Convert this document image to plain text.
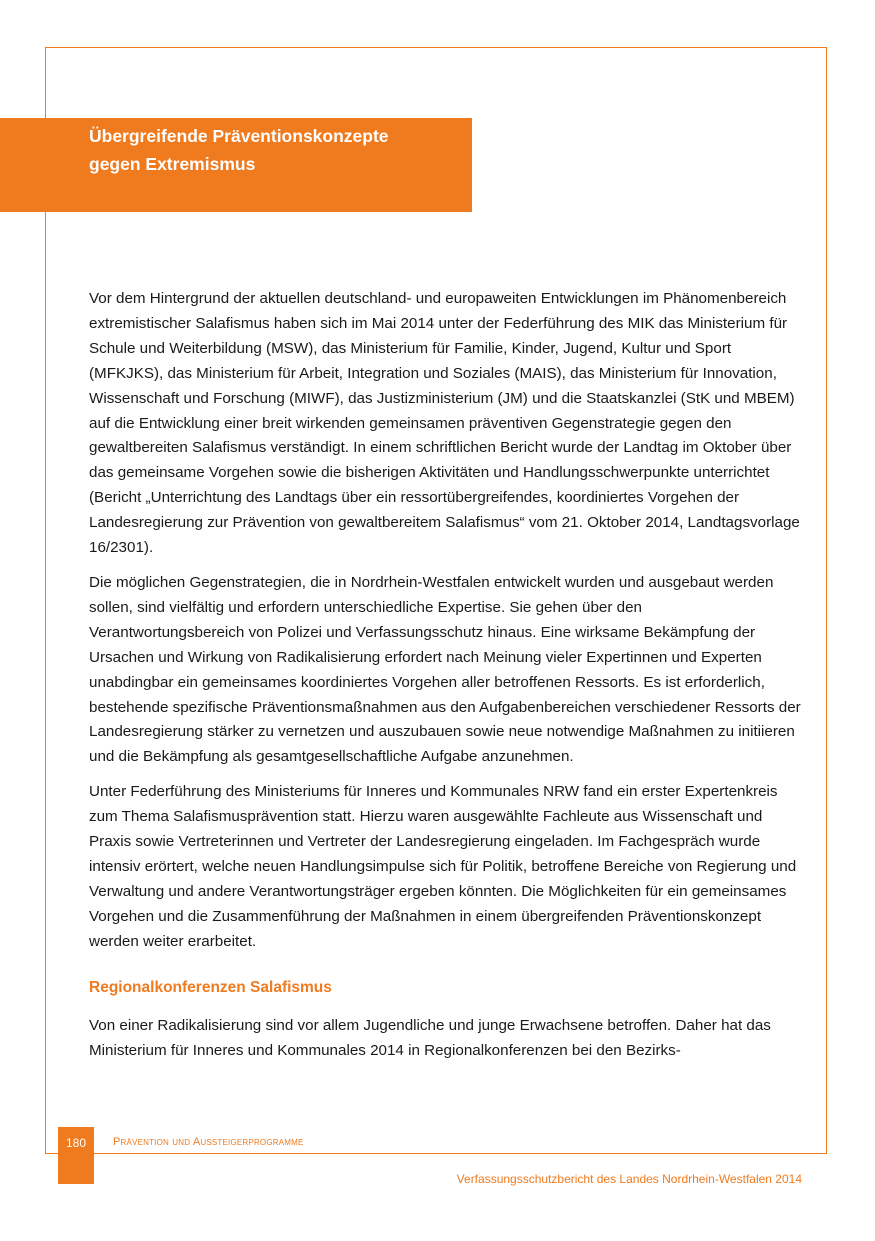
Übergreifende Präventionskonzepte
gegen Extremismus

Vor dem Hintergrund der aktuellen deutschland- und europaweiten Entwicklungen im Phänomenbereich extremistischer Salafismus haben sich im Mai 2014 unter der Federführung des MIK das Ministerium für Schule und Weiterbildung (MSW), das Ministerium für Familie, Kinder, Jugend, Kultur und Sport (MFKJKS), das Ministerium für Arbeit, Integration und Soziales (MAIS), das Ministerium für Innovation, Wissenschaft und Forschung (MIWF), das Justizministerium (JM) und die Staatskanzlei (StK und MBEM) auf die Entwicklung einer breit wirkenden gemeinsamen präventiven Gegenstrategie gegen den gewaltbereiten Salafismus verständigt. In einem schriftlichen Bericht wurde der Landtag im Oktober über das gemeinsame Vorgehen sowie die bisherigen Aktivitäten und Handlungsschwerpunkte unterrichtet (Bericht „Unterrichtung des Landtags über ein ressortübergreifendes, koordiniertes Vorgehen der Landesregierung zur Prävention von gewaltbereitem Salafismus“ vom 21. Oktober 2014, Landtagsvorlage 16/2301).

Die möglichen Gegenstrategien, die in Nordrhein-Westfalen entwickelt wurden und ausgebaut werden sollen, sind vielfältig und erfordern unterschiedliche Expertise. Sie gehen über den Verantwortungsbereich von Polizei und Verfassungsschutz hinaus. Eine wirksame Bekämpfung der Ursachen und Wirkung von Radikalisierung erfordert nach Meinung vieler Expertinnen und Experten unabdingbar ein gemeinsames koordiniertes Vorgehen aller betroffenen Ressorts. Es ist erforderlich, bestehende spezifische Präventionsmaßnahmen aus den Aufgabenbereichen verschiedener Ressorts der Landesregierung stärker zu vernetzen und auszubauen sowie neue notwendige Maßnahmen zu initiieren und die Bekämpfung als gesamtgesellschaftliche Aufgabe anzunehmen.

Unter Federführung des Ministeriums für Inneres und Kommunales NRW fand ein erster Expertenkreis zum Thema Salafismusprävention statt. Hierzu waren ausgewählte Fachleute aus Wissenschaft und Praxis sowie Vertreterinnen und Vertreter der Landesregierung eingeladen. Im Fachgespräch wurde intensiv erörtert, welche neuen Handlungsimpulse sich für Politik, betroffene Bereiche von Regierung und Verwaltung und andere Verantwortungsträger ergeben könnten. Die Möglichkeiten für ein gemeinsames Vorgehen und die Zusammenführung der Maßnahmen in einem übergreifenden Präventionskonzept werden weiter erarbeitet.

Regionalkonferenzen Salafismus

Von einer Radikalisierung sind vor allem Jugendliche und junge Erwachsene betroffen. Daher hat das Ministerium für Inneres und Kommunales 2014 in Regionalkonferenzen bei den Bezirks-

180	Prävention und Aussteigerprogramme
Verfassungsschutzbericht des Landes Nordrhein-Westfalen 2014
